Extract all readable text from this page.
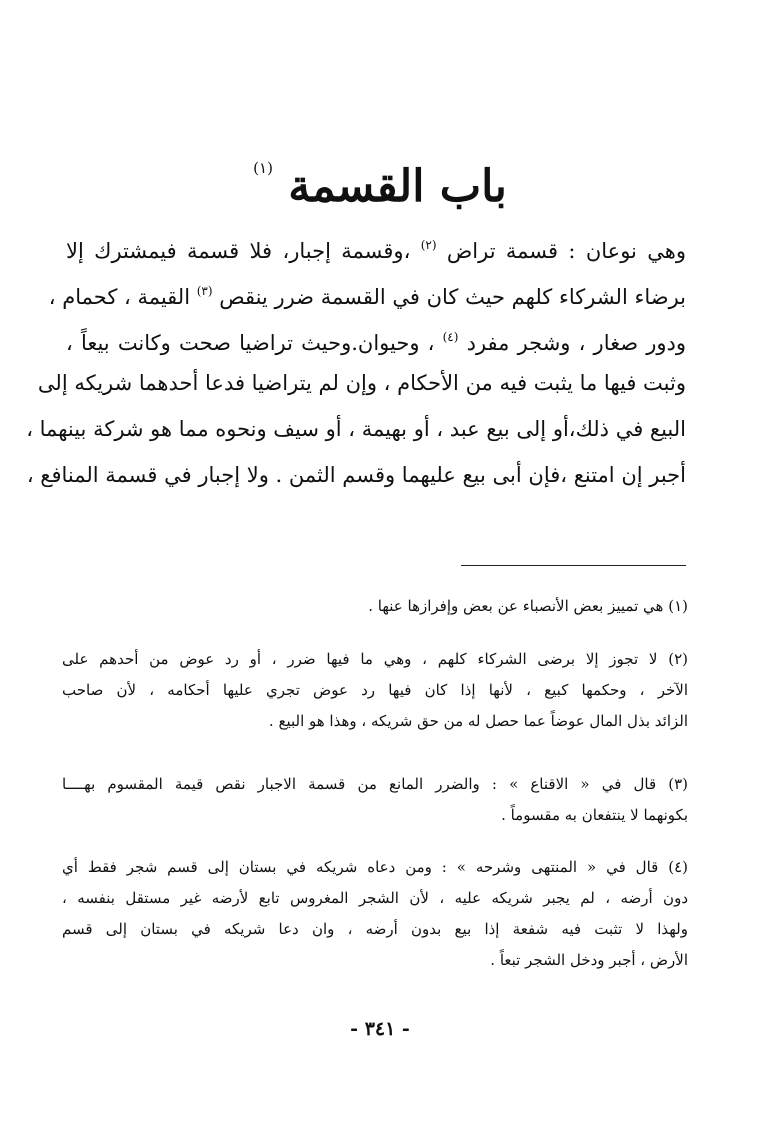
باب القسمة $^{(١)}$
وهي نوعان : قسمة تراض $^{(٢)}$ ،وقسمة إجبار، فلا قسمة فيمشترك إلا
برضاء الشركاء كلهم حيث كان في القسمة ضرر ينقص $^{(٣)}$ القيمة ، كحمام ،
ودور صغار ، وشجر مفرد $^{(٤)}$ ، وحيوان.وحيث تراضيا صحت وكانت بيعاً ،
وثبت فيها ما يثبت فيه من الأحكام ، وإن لم يتراضيا فدعا أحدهما شريكه إلى
البيع في ذلك،أو إلى بيع عبد ، أو بهيمة ، أو سيف ونحوه مما هو شركة بينهما ،
أجبر إن امتنع ،فإن أبى بيع عليهما وقسم الثمن . ولا إجبار في قسمة المنافع ،
(١) هي تمييز بعض الأنصباء عن بعض وإفرازها عنها .
(٢) لا تجوز إلا برضى الشركاء كلهم ، وهي ما فيها ضرر ، أو رد عوض من أحدهم على
الآخر ، وحكمها كبيع ، لأنها إذا كان فيها رد عوض تجري عليها أحكامه ، لأن صاحب
الزائد بذل المال عوضاً عما حصل له من حق شريكه ، وهذا هو البيع .
(٣) قال في « الاقناع » : والضرر المانع من قسمة الاجبار نقص قيمة المقسوم بهــــا
بكونهما لا ينتفعان به مقسوماً .
(٤) قال في « المنتهى وشرحه » : ومن دعاه شريكه في بستان إلى قسم شجر فقط أي
دون أرضه ، لم يجبر شريكه عليه ، لأن الشجر المغروس تابع لأرضه غير مستقل بنفسه ،
ولهذا لا تثبت فيه شفعة إذا بيع بدون أرضه ، وان دعا شريكه في بستان إلى قسم
الأرض ، أجبر ودخل الشجر تبعاً .
- ٣٤١ -
